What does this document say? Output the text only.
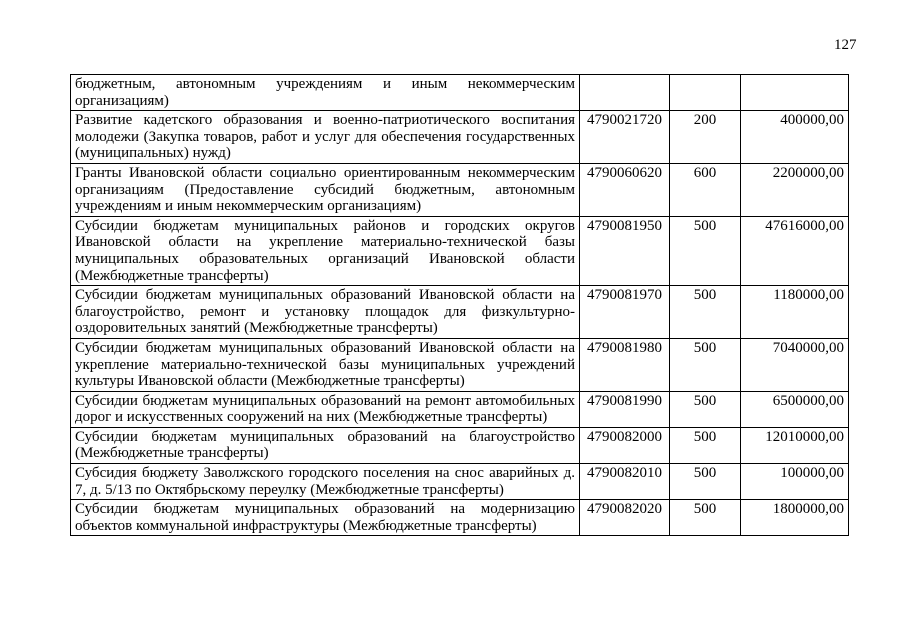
127
бюджетным, автономным учреждениям и иным некоммерческим организациям)			
Развитие кадетского образования и военно-патриотического воспитания молодежи (Закупка товаров, работ и услуг для обеспечения государственных (муниципальных) нужд)	4790021720	200	400000,00
Гранты Ивановской области социально ориентированным некоммерческим организациям (Предоставление субсидий бюджетным, автономным учреждениям и иным некоммерческим организациям)	4790060620	600	2200000,00
Субсидии бюджетам муниципальных районов и городских округов Ивановской области на укрепление материально-технической базы муниципальных образовательных организаций Ивановской области (Межбюджетные трансферты)	4790081950	500	47616000,00
Субсидии бюджетам муниципальных образований Ивановской области на благоустройство, ремонт и установку площадок для физкультурно-оздоровительных занятий (Межбюджетные трансферты)	4790081970	500	1180000,00
Субсидии бюджетам муниципальных образований Ивановской области на укрепление материально-технической базы муниципальных учреждений культуры Ивановской области (Межбюджетные трансферты)	4790081980	500	7040000,00
Субсидии бюджетам муниципальных образований на ремонт автомобильных дорог и искусственных сооружений на них (Межбюджетные трансферты)	4790081990	500	6500000,00
Субсидии бюджетам муниципальных образований на благоустройство (Межбюджетные трансферты)	4790082000	500	12010000,00
Субсидия бюджету Заволжского городского поселения на снос аварийных д. 7, д. 5/13 по Октябрьскому переулку (Межбюджетные трансферты)	4790082010	500	100000,00
Субсидии бюджетам муниципальных образований на модернизацию объектов коммунальной инфраструктуры (Межбюджетные трансферты)	4790082020	500	1800000,00
